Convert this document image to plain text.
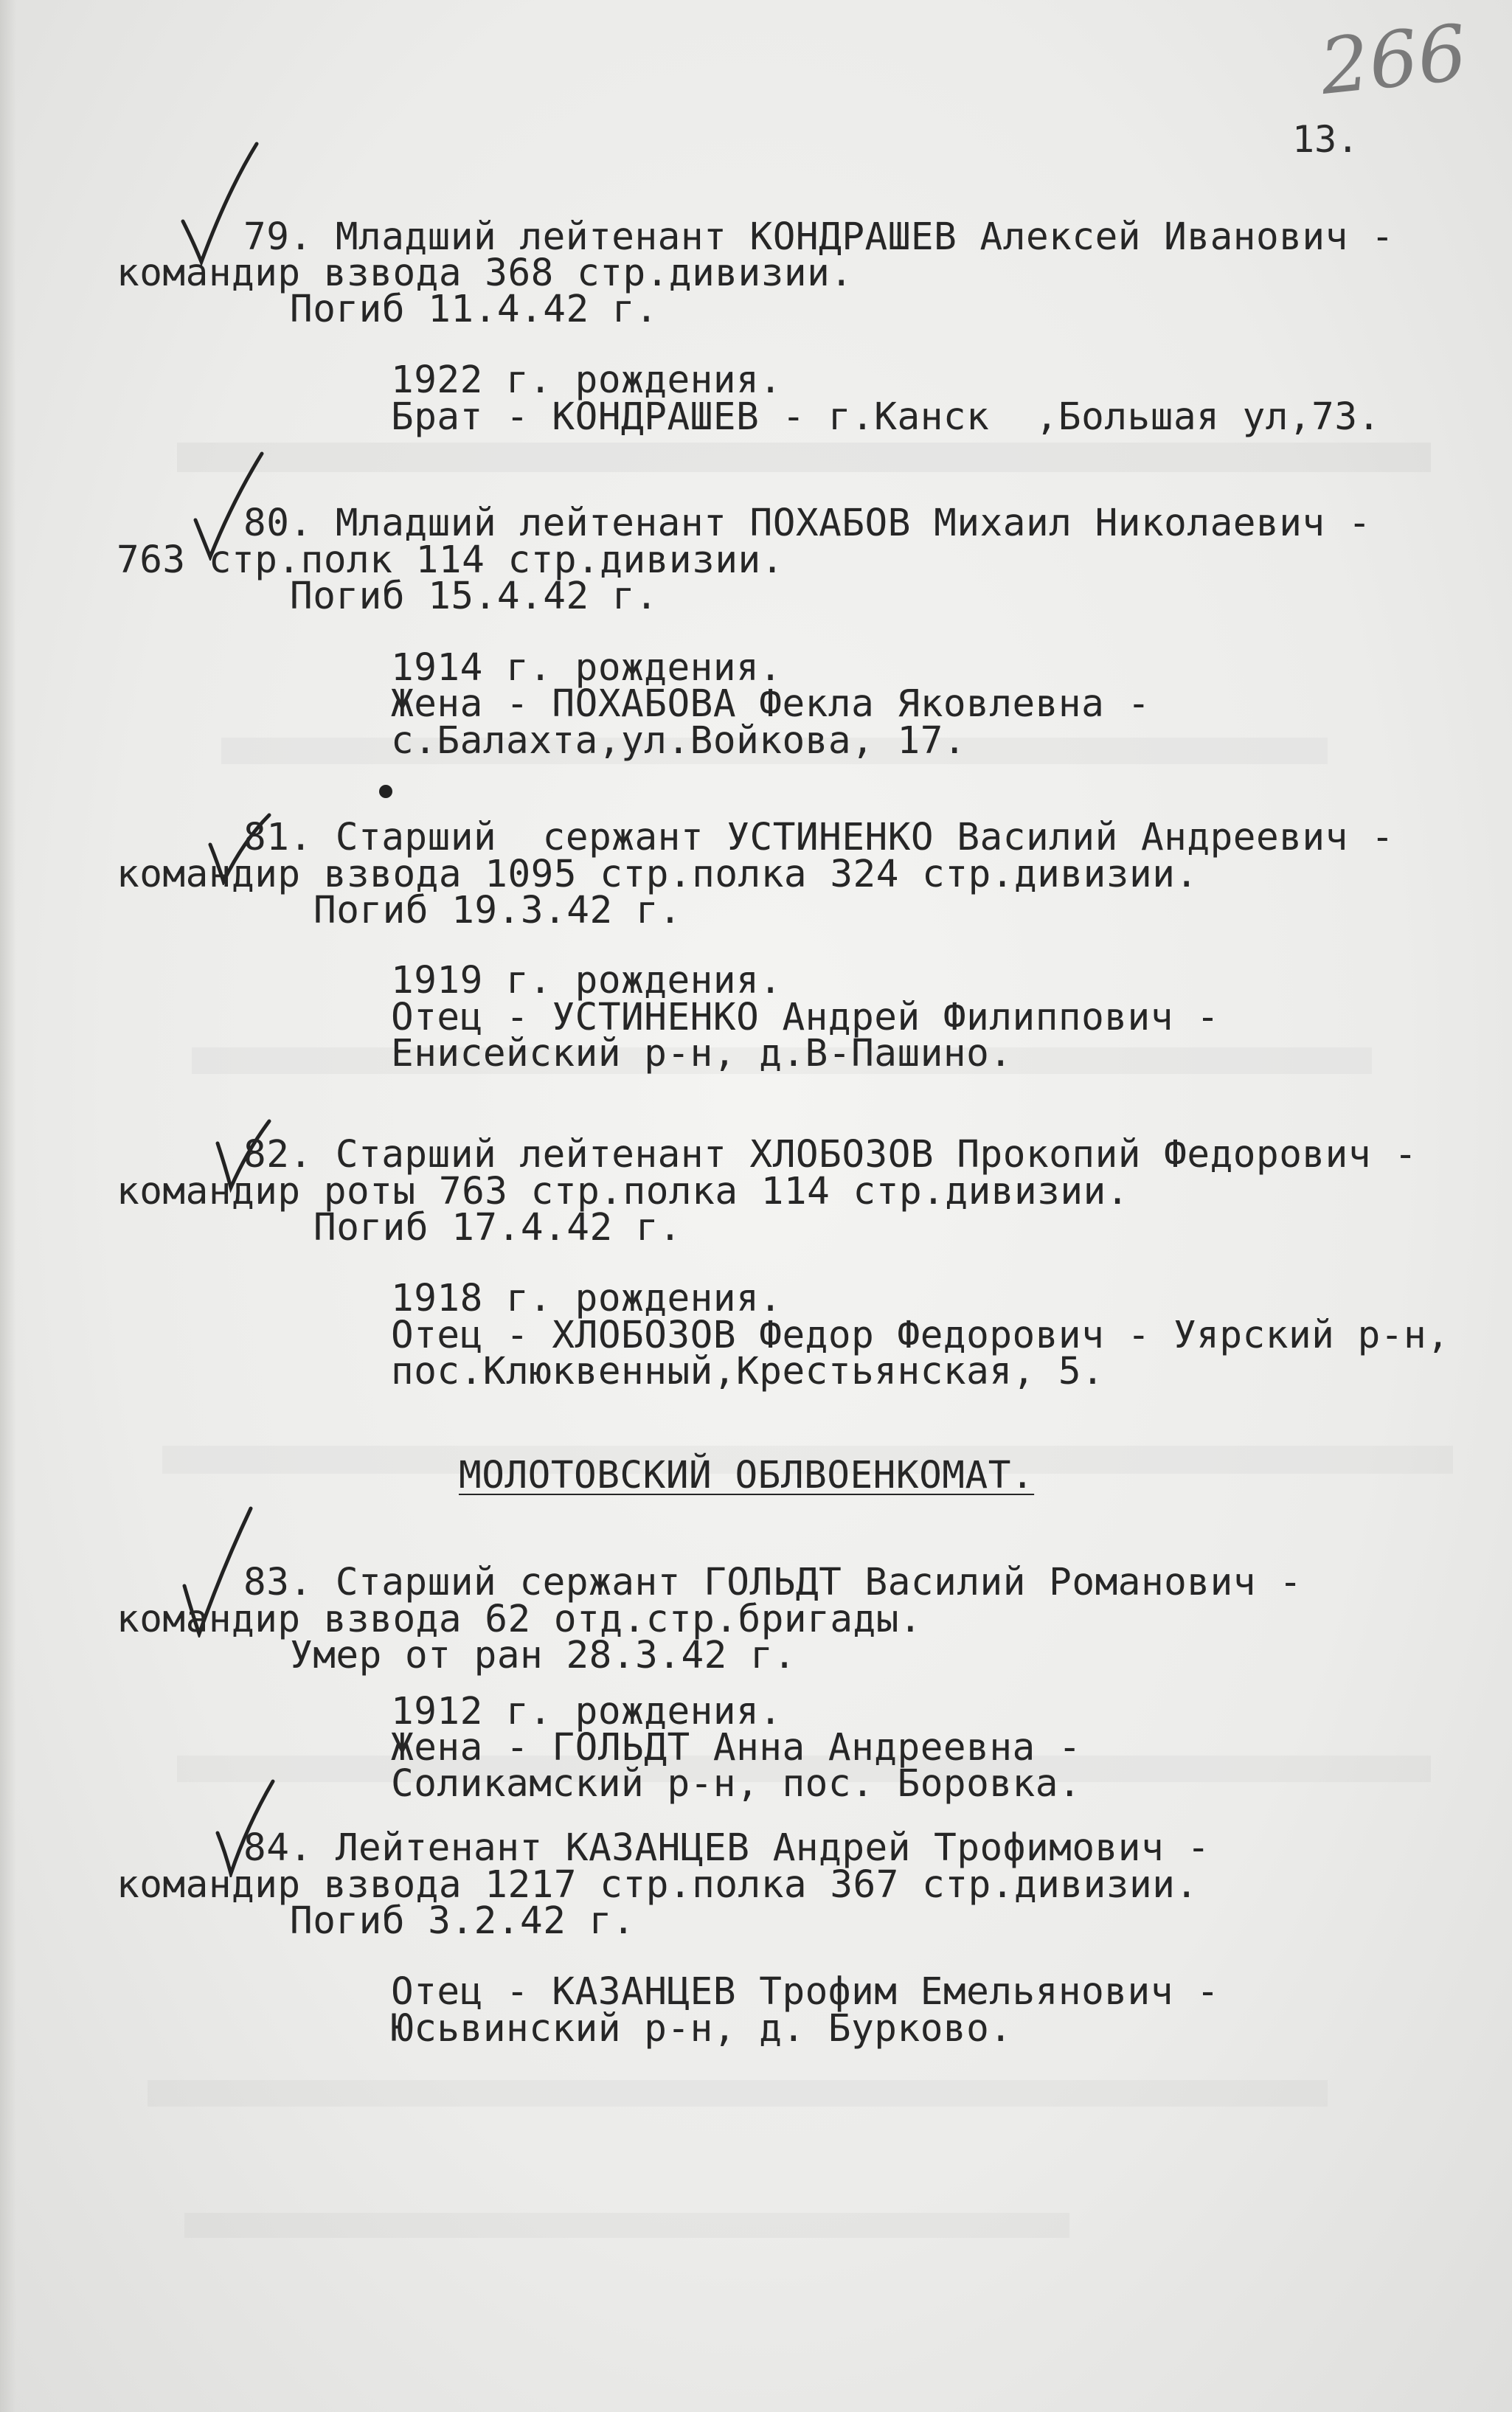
266
13.
79. Младший лейтенант КОНДРАШЕВ Алексей Иванович -
командир взвода 368 стр.дивизии.
Погиб 11.4.42 г.
1922 г. рождения.
Брат - КОНДРАШЕВ - г.Канск  ,Большая ул,73.
80. Младший лейтенант ПОХАБОВ Михаил Николаевич -
763 стр.полк 114 стр.дивизии.
Погиб 15.4.42 г.
1914 г. рождения.
Жена - ПОХАБОВА Фекла Яковлевна -
с.Балахта,ул.Войкова, 17.
81. Старший  сержант УСТИНЕНКО Василий Андреевич -
командир взвода 1095 стр.полка 324 стр.дивизии.
Погиб 19.3.42 г.
1919 г. рождения.
Отец - УСТИНЕНКО Андрей Филиппович -
Енисейский р-н, д.В-Пашино.
82. Старший лейтенант ХЛОБОЗОВ Прокопий Федорович -
командир роты 763 стр.полка 114 стр.дивизии.
Погиб 17.4.42 г.
1918 г. рождения.
Отец - ХЛОБОЗОВ Федор Федорович - Уярский р-н,
пос.Клюквенный,Крестьянская, 5.
МОЛОТОВСКИЙ ОБЛВОЕНКОМАТ.
83. Старший сержант ГОЛЬДТ Василий Романович -
командир взвода 62 отд.стр.бригады.
Умер от ран 28.3.42 г.
1912 г. рождения.
Жена - ГОЛЬДТ Анна Андреевна -
Соликамский р-н, пос. Боровка.
84. Лейтенант КАЗАНЦЕВ Андрей Трофимович -
командир взвода 1217 стр.полка 367 стр.дивизии.
Погиб 3.2.42 г.
Отец - КАЗАНЦЕВ Трофим Емельянович -
Юсьвинский р-н, д. Бурково.
